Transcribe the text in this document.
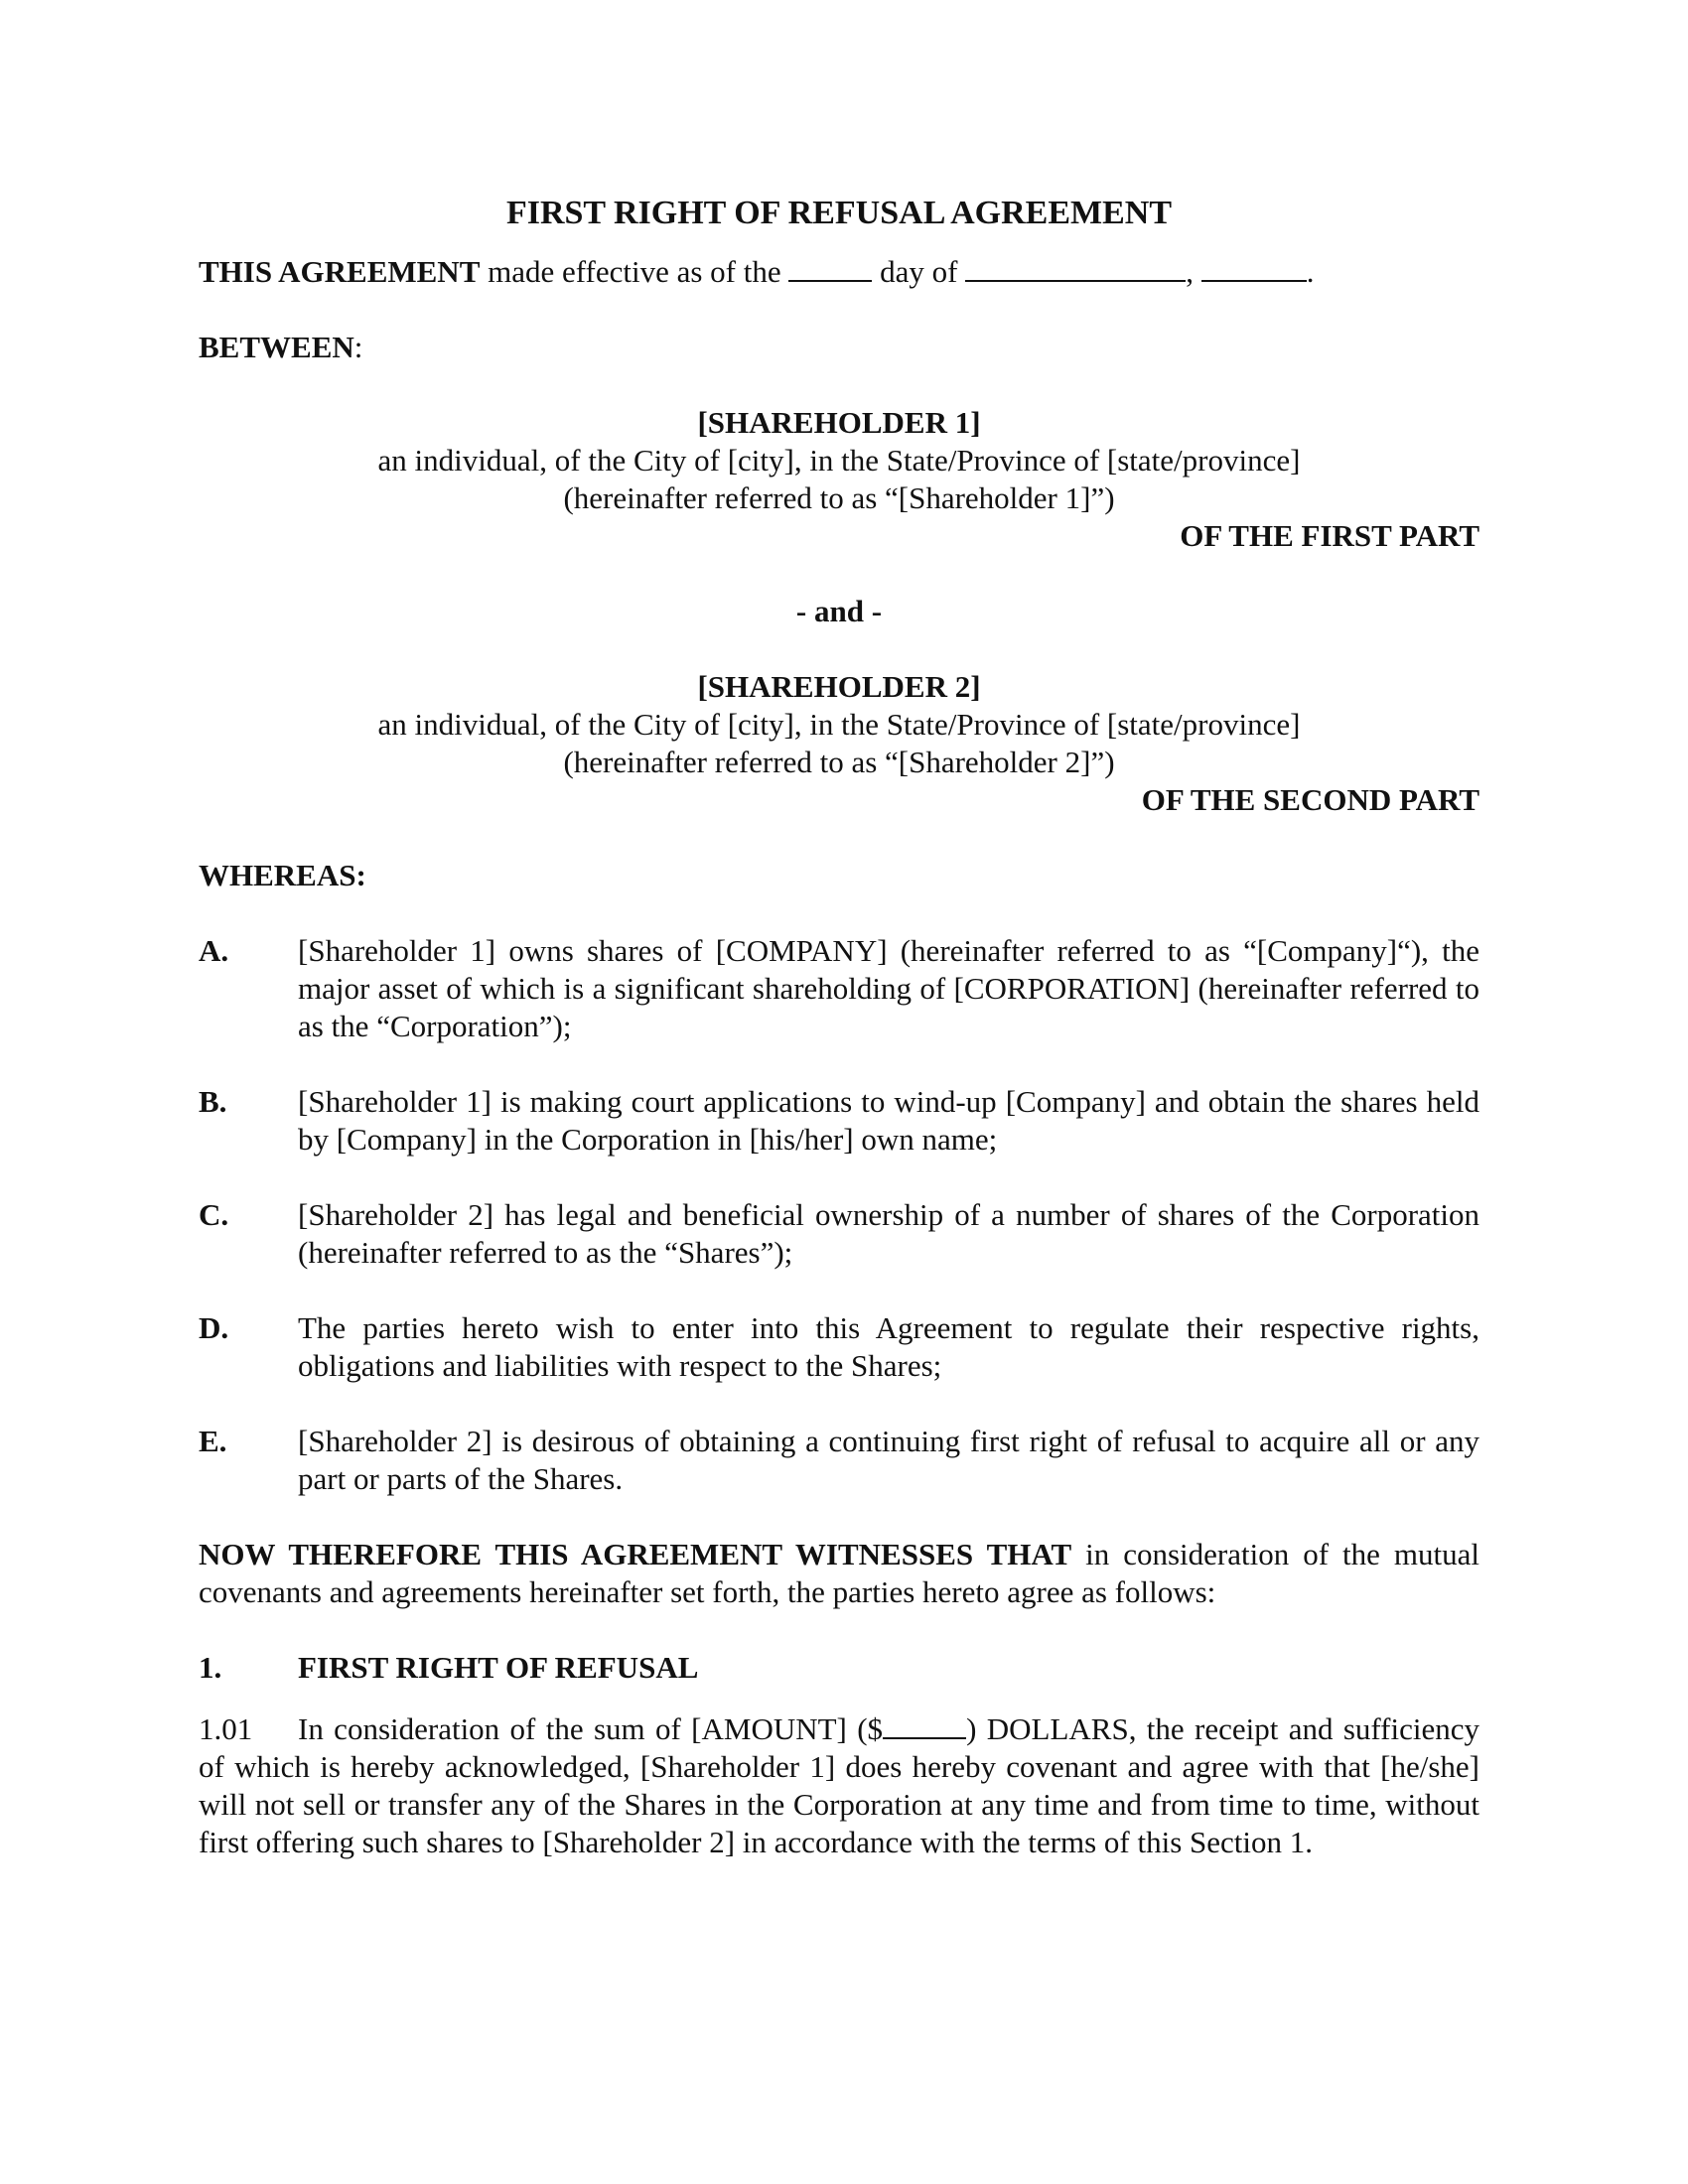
FIRST RIGHT OF REFUSAL AGREEMENT

THIS AGREEMENT made effective as of the	day of	,	.

BETWEEN:

[SHAREHOLDER 1]
an individual, of the City of [city], in the State/Province of [state/province]
(hereinafter referred to as “[Shareholder 1]”)
OF THE FIRST PART
- and -
[SHAREHOLDER 2]
an individual, of the City of [city], in the State/Province of [state/province]
(hereinafter referred to as “[Shareholder 2]”)
OF THE SECOND PART

WHEREAS:

A.	[Shareholder 1] owns shares of [COMPANY] (hereinafter referred to as “[Company]“), the major asset of which is a significant shareholding of [CORPORATION] (hereinafter referred to as the “Corporation”);
B.	[Shareholder 1] is making court applications to wind-up [Company] and obtain the shares held by [Company] in the Corporation in [his/her] own name;
C.	[Shareholder 2] has legal and beneficial ownership of a number of shares of the Corporation (hereinafter referred to as the “Shares”);
D.	The parties hereto wish to enter into this Agreement to regulate their respective rights, obligations and liabilities with respect to the Shares;
E.	[Shareholder 2] is desirous of obtaining a continuing first right of refusal to acquire all or any part or parts of the Shares.

NOW THEREFORE THIS AGREEMENT WITNESSES THAT in consideration of the mutual covenants and agreements hereinafter set forth, the parties hereto agree as follows:

1.	FIRST RIGHT OF REFUSAL

1.01 In consideration of the sum of [AMOUNT] ($	) DOLLARS, the receipt and sufficiency of which is hereby acknowledged, [Shareholder 1] does hereby covenant and agree with that [he/she] will not sell or transfer any of the Shares in the Corporation at any time and from time to time, without first offering such shares to [Shareholder 2] in accordance with the terms of this Section 1.
